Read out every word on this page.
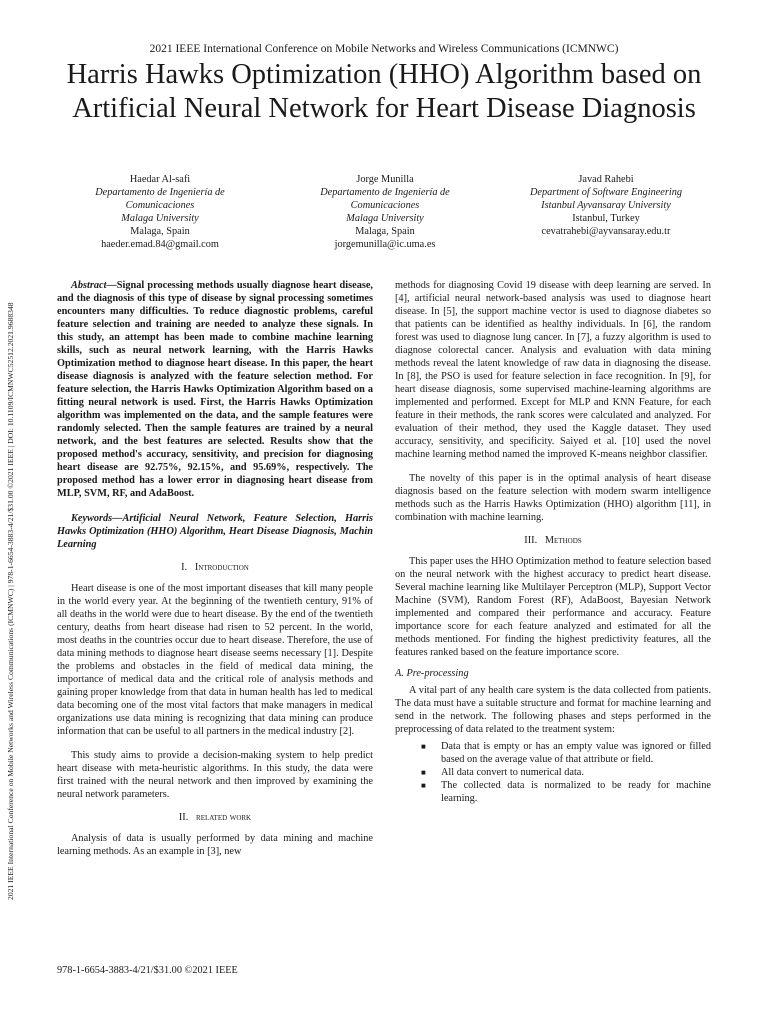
2021 IEEE International Conference on Mobile Networks and Wireless Communications (ICMNWC)
Harris Hawks Optimization (HHO) Algorithm based on Artificial Neural Network for Heart Disease Diagnosis
2021 IEEE International Conference on Mobile Networks and Wireless Communications (ICMNWC) | 978-1-6654-3883-4/21/$31.00 ©2021 IEEE | DOI: 10.1109/ICMNWC52512.2021.9688348
Haedar Al-safi
Departamento de Ingeniería de
Comunicaciones
Malaga University
Malaga, Spain
haeder.emad.84@gmail.com
Jorge Munilla
Departamento de Ingeniería de
Comunicaciones
Malaga University
Malaga, Spain
jorgemunilla@ic.uma.es
Javad Rahebi
Department of Software Engineering
Istanbul Ayvansaray University
Istanbul, Turkey
cevatrahebi@ayvansaray.edu.tr

Abstract—Signal processing methods usually diagnose heart disease, and the diagnosis of this type of disease by signal processing sometimes encounters many difficulties. To reduce diagnostic problems, careful feature selection and training are needed to analyze these signals. In this study, an attempt has been made to combine machine learning skills, such as neural network learning, with the Harris Hawks Optimization method to diagnose heart disease. In this paper, the heart disease diagnosis is analyzed with the feature selection method. For feature selection, the Harris Hawks Optimization Algorithm based on a fitting neural network is used. First, the Harris Hawks Optimization algorithm was implemented on the data, and the sample features were randomly selected. Then the sample features are trained by a neural network, and the best features are selected. Results show that the proposed method's accuracy, sensitivity, and precision for diagnosing heart disease are 92.75%, 92.15%, and 95.69%, respectively. The proposed method has a lower error in diagnosing heart disease from MLP, SVM, RF, and AdaBoost.

Keywords—Artificial Neural Network, Feature Selection, Harris Hawks Optimization (HHO) Algorithm, Heart Disease Diagnosis, Machin Learning

I. Introduction

Heart disease is one of the most important diseases that kill many people in the world every year. At the beginning of the twentieth century, 91% of all deaths in the world were due to heart disease. By the end of the twentieth century, deaths from heart disease had risen to 52 percent. In the world, most deaths in the countries occur due to heart disease. Therefore, the use of data mining methods to diagnose heart disease seems necessary [1]. Despite the problems and obstacles in the field of medical data mining, the importance of medical data and the critical role of analysis methods and gaining proper knowledge from that data in human health has led to medical data becoming one of the most vital factors that make managers in medical organizations use data mining is recognizing that data mining can produce information that can be useful to all partners in the medical industry [2].

This study aims to provide a decision-making system to help predict heart disease with meta-heuristic algorithms. In this study, the data were first trained with the neural network and then improved by examining the neural network parameters.

II. related work

Analysis of data is usually performed by data mining and machine learning methods. As an example in [3], new

methods for diagnosing Covid 19 disease with deep learning are served. In [4], artificial neural network-based analysis was used to diagnose heart disease. In [5], the support machine vector is used to diagnose diabetes so that patients can be identified as healthy individuals. In [6], the random forest was used to diagnose lung cancer. In [7], a fuzzy algorithm is used to diagnose colorectal cancer. Analysis and evaluation with data mining methods reveal the latent knowledge of raw data in diagnosing the disease. In [8], the PSO is used for feature selection in face recognition. In [9], for heart disease diagnosis, some supervised machine-learning algorithms are implemented and performed. Except for MLP and KNN Feature, for each feature in their methods, the rank scores were calculated and analyzed. For evaluation of their method, they used the Kaggle dataset. They used accuracy, sensitivity, and specificity. Saiyed et al. [10] used the novel machine learning method named the improved K-means neighbor classifier.

The novelty of this paper is in the optimal analysis of heart disease diagnosis based on the feature selection with modern swarm intelligence methods such as the Harris Hawks Optimization (HHO) algorithm [11], in combination with machine learning.

III. Methods

This paper uses the HHO Optimization method to feature selection based on the neural network with the highest accuracy to predict heart disease. Several machine learning like Multilayer Perceptron (MLP), Support Vector Machine (SVM), Random Forest (RF), AdaBoost, Bayesian Network implemented and compared their performance and accuracy. Feature importance score for each feature analyzed and estimated for all the methods mentioned. For finding the highest predictivity features, all the features ranked based on the feature importance score.

A. Pre-processing

A vital part of any health care system is the data collected from patients. The data must have a suitable structure and format for machine learning and send in the network. The following phases and steps performed in the preprocessing of data related to the treatment system:

■ Data that is empty or has an empty value was ignored or filled based on the average value of that attribute or field.
■ All data convert to numerical data.
■ The collected data is normalized to be ready for machine learning.
978-1-6654-3883-4/21/$31.00 ©2021 IEEE
